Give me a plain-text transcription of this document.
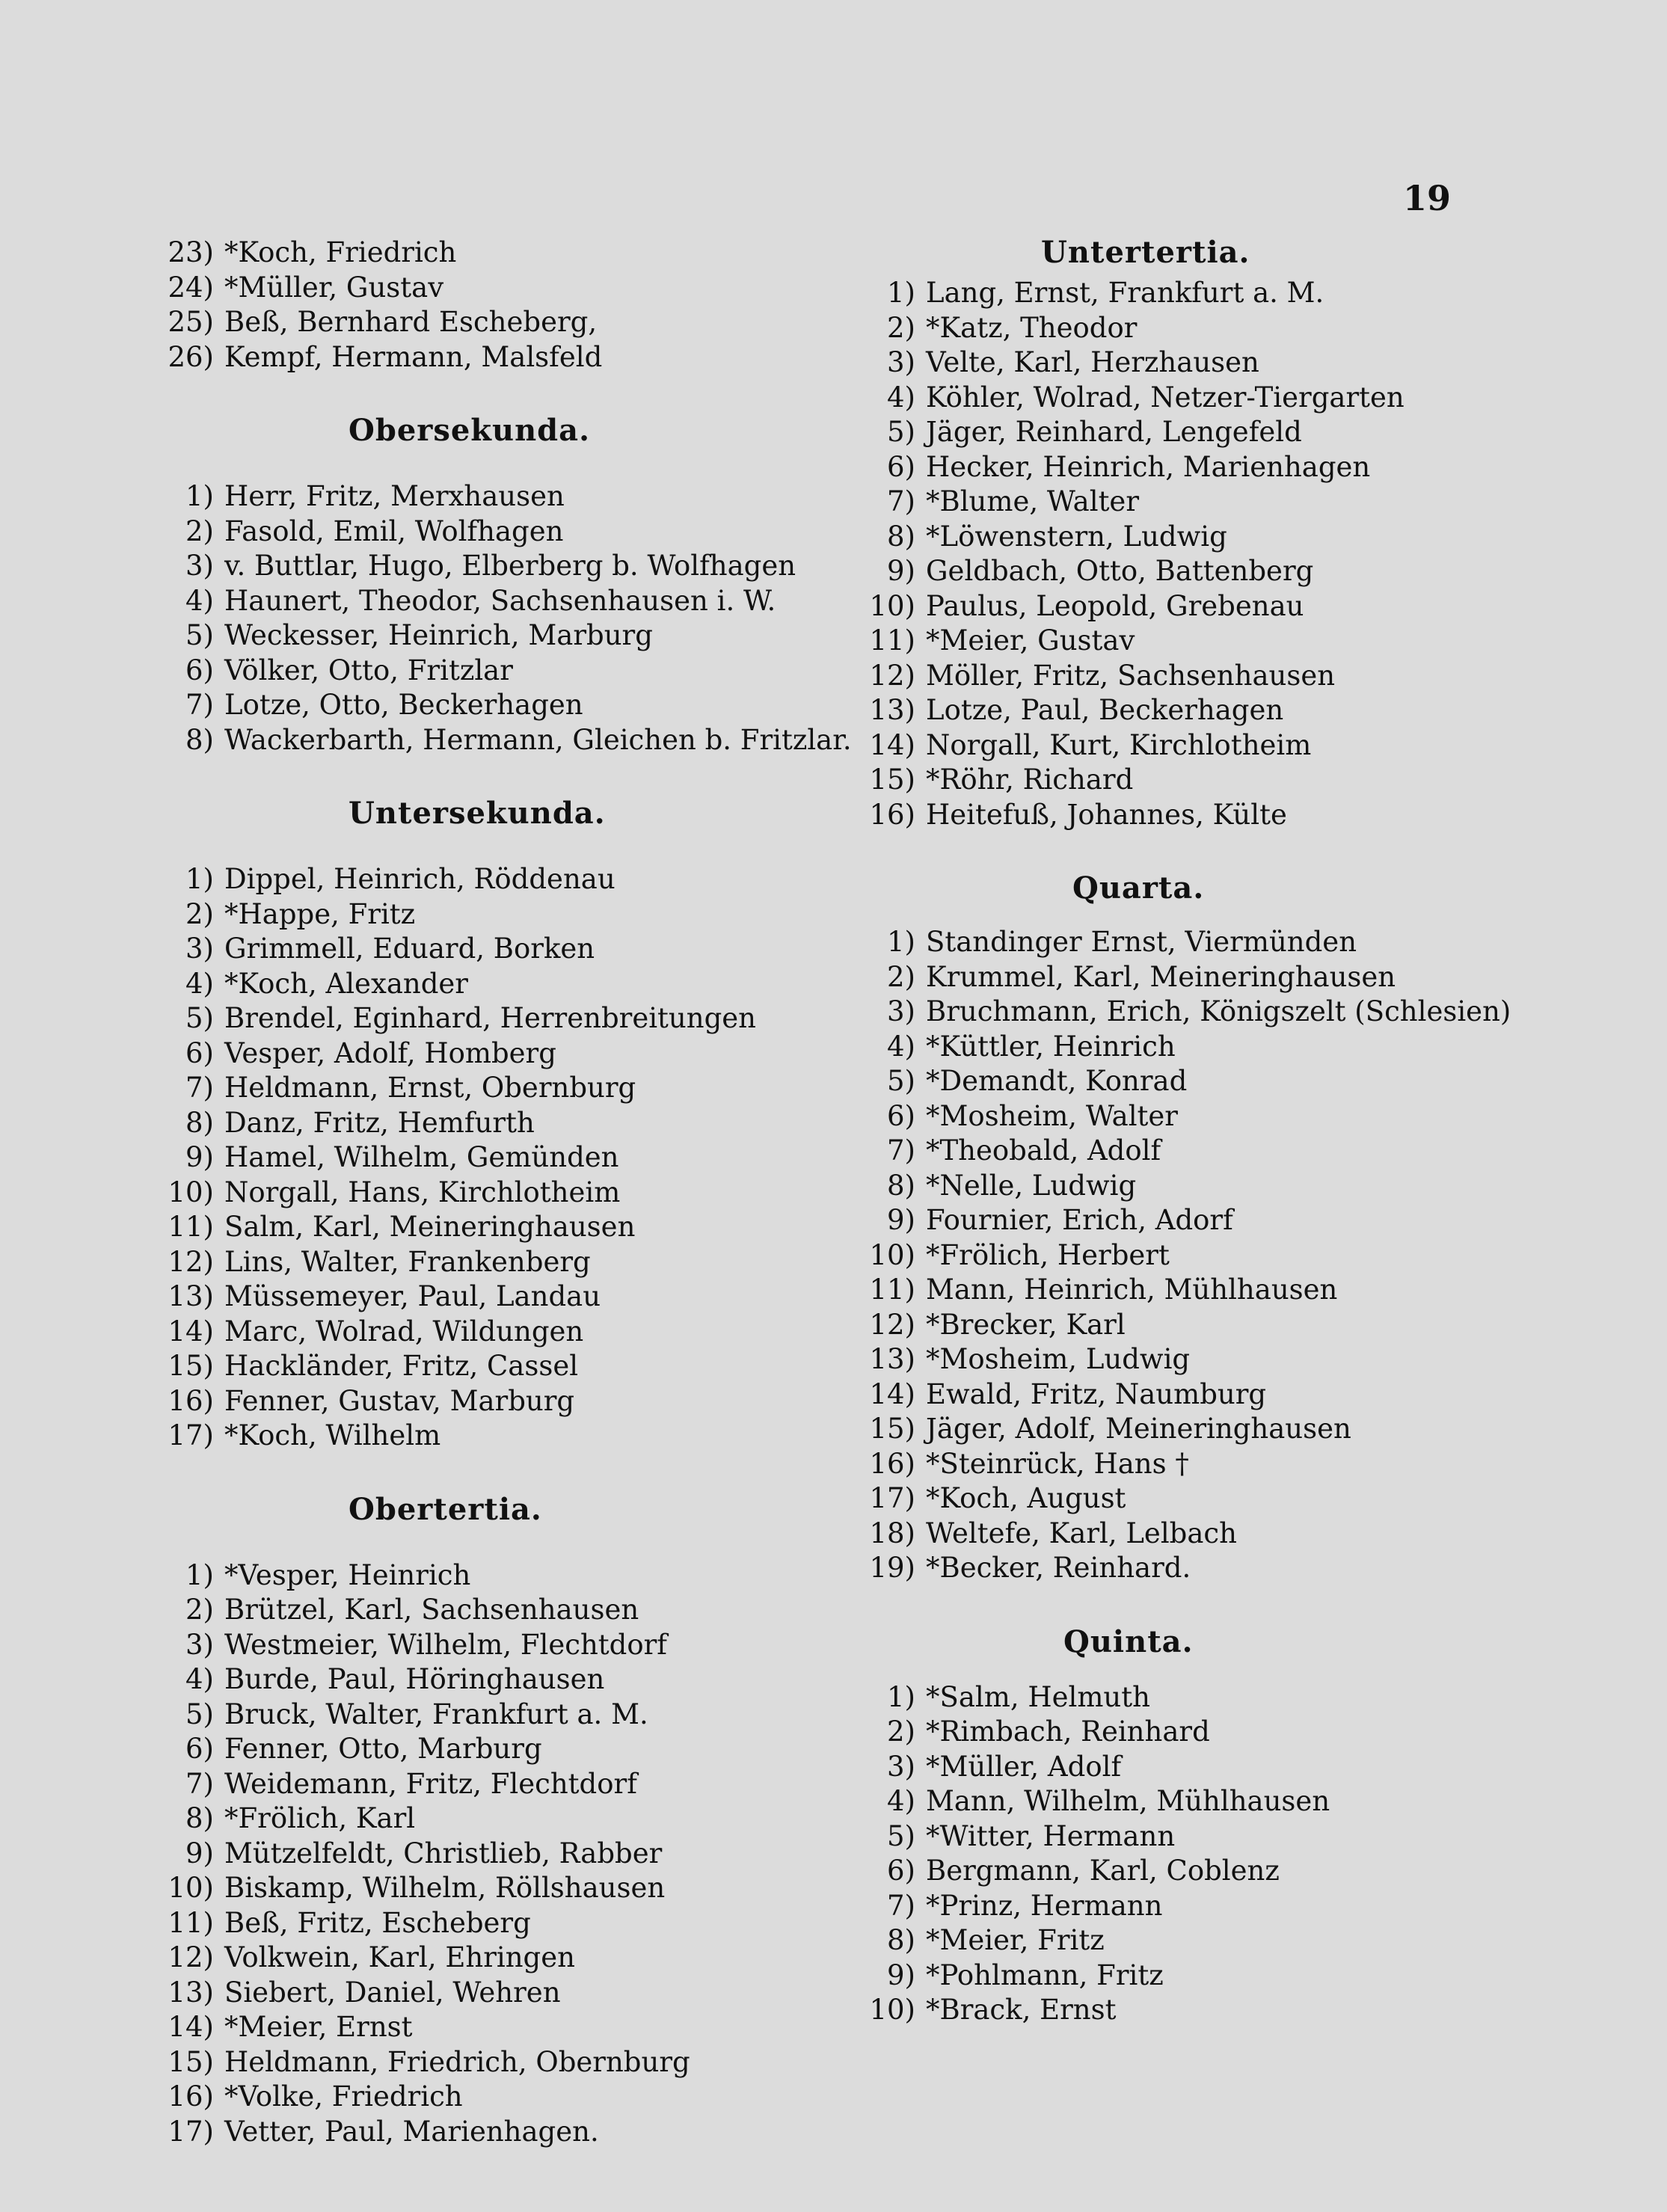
19
23) *Koch, Friedrich
24) *Müller, Gustav
25) Beß, Bernhard Escheberg,
26) Kempf, Hermann, Malsfeld
Obersekunda.
1) Herr, Fritz, Merxhausen
2) Fasold, Emil, Wolfhagen
3) v. Buttlar, Hugo, Elberberg b. Wolfhagen
4) Haunert, Theodor, Sachsenhausen i. W.
5) Weckesser, Heinrich, Marburg
6) Völker, Otto, Fritzlar
7) Lotze, Otto, Beckerhagen
8) Wackerbarth, Hermann, Gleichen b. Fritzlar.
Untersekunda.
1) Dippel, Heinrich, Röddenau
2) *Happe, Fritz
3) Grimmell, Eduard, Borken
4) *Koch, Alexander
5) Brendel, Eginhard, Herrenbreitungen
6) Vesper, Adolf, Homberg
7) Heldmann, Ernst, Obernburg
8) Danz, Fritz, Hemfurth
9) Hamel, Wilhelm, Gemünden
10) Norgall, Hans, Kirchlotheim
11) Salm, Karl, Meineringhausen
12) Lins, Walter, Frankenberg
13) Müssemeyer, Paul, Landau
14) Marc, Wolrad, Wildungen
15) Hackländer, Fritz, Cassel
16) Fenner, Gustav, Marburg
17) *Koch, Wilhelm
Obertertia.
1) *Vesper, Heinrich
2) Brützel, Karl, Sachsenhausen
3) Westmeier, Wilhelm, Flechtdorf
4) Burde, Paul, Höringhausen
5) Bruck, Walter, Frankfurt a. M.
6) Fenner, Otto, Marburg
7) Weidemann, Fritz, Flechtdorf
8) *Frölich, Karl
9) Mützelfeldt, Christlieb, Rabber
10) Biskamp, Wilhelm, Röllshausen
11) Beß, Fritz, Escheberg
12) Volkwein, Karl, Ehringen
13) Siebert, Daniel, Wehren
14) *Meier, Ernst
15) Heldmann, Friedrich, Obernburg
16) *Volke, Friedrich
17) Vetter, Paul, Marienhagen.
Untertertia.
1) Lang, Ernst, Frankfurt a. M.
2) *Katz, Theodor
3) Velte, Karl, Herzhausen
4) Köhler, Wolrad, Netzer-Tiergarten
5) Jäger, Reinhard, Lengefeld
6) Hecker, Heinrich, Marienhagen
7) *Blume, Walter
8) *Löwenstern, Ludwig
9) Geldbach, Otto, Battenberg
10) Paulus, Leopold, Grebenau
11) *Meier, Gustav
12) Möller, Fritz, Sachsenhausen
13) Lotze, Paul, Beckerhagen
14) Norgall, Kurt, Kirchlotheim
15) *Röhr, Richard
16) Heitefuß, Johannes, Külte
Quarta.
1) Standinger Ernst, Viermünden
2) Krummel, Karl, Meineringhausen
3) Bruchmann, Erich, Königszelt (Schlesien)
4) *Küttler, Heinrich
5) *Demandt, Konrad
6) *Mosheim, Walter
7) *Theobald, Adolf
8) *Nelle, Ludwig
9) Fournier, Erich, Adorf
10) *Frölich, Herbert
11) Mann, Heinrich, Mühlhausen
12) *Brecker, Karl
13) *Mosheim, Ludwig
14) Ewald, Fritz, Naumburg
15) Jäger, Adolf, Meineringhausen
16) *Steinrück, Hans †
17) *Koch, August
18) Weltefe, Karl, Lelbach
19) *Becker, Reinhard.
Quinta.
1) *Salm, Helmuth
2) *Rimbach, Reinhard
3) *Müller, Adolf
4) Mann, Wilhelm, Mühlhausen
5) *Witter, Hermann
6) Bergmann, Karl, Coblenz
7) *Prinz, Hermann
8) *Meier, Fritz
9) *Pohlmann, Fritz
10) *Brack, Ernst
